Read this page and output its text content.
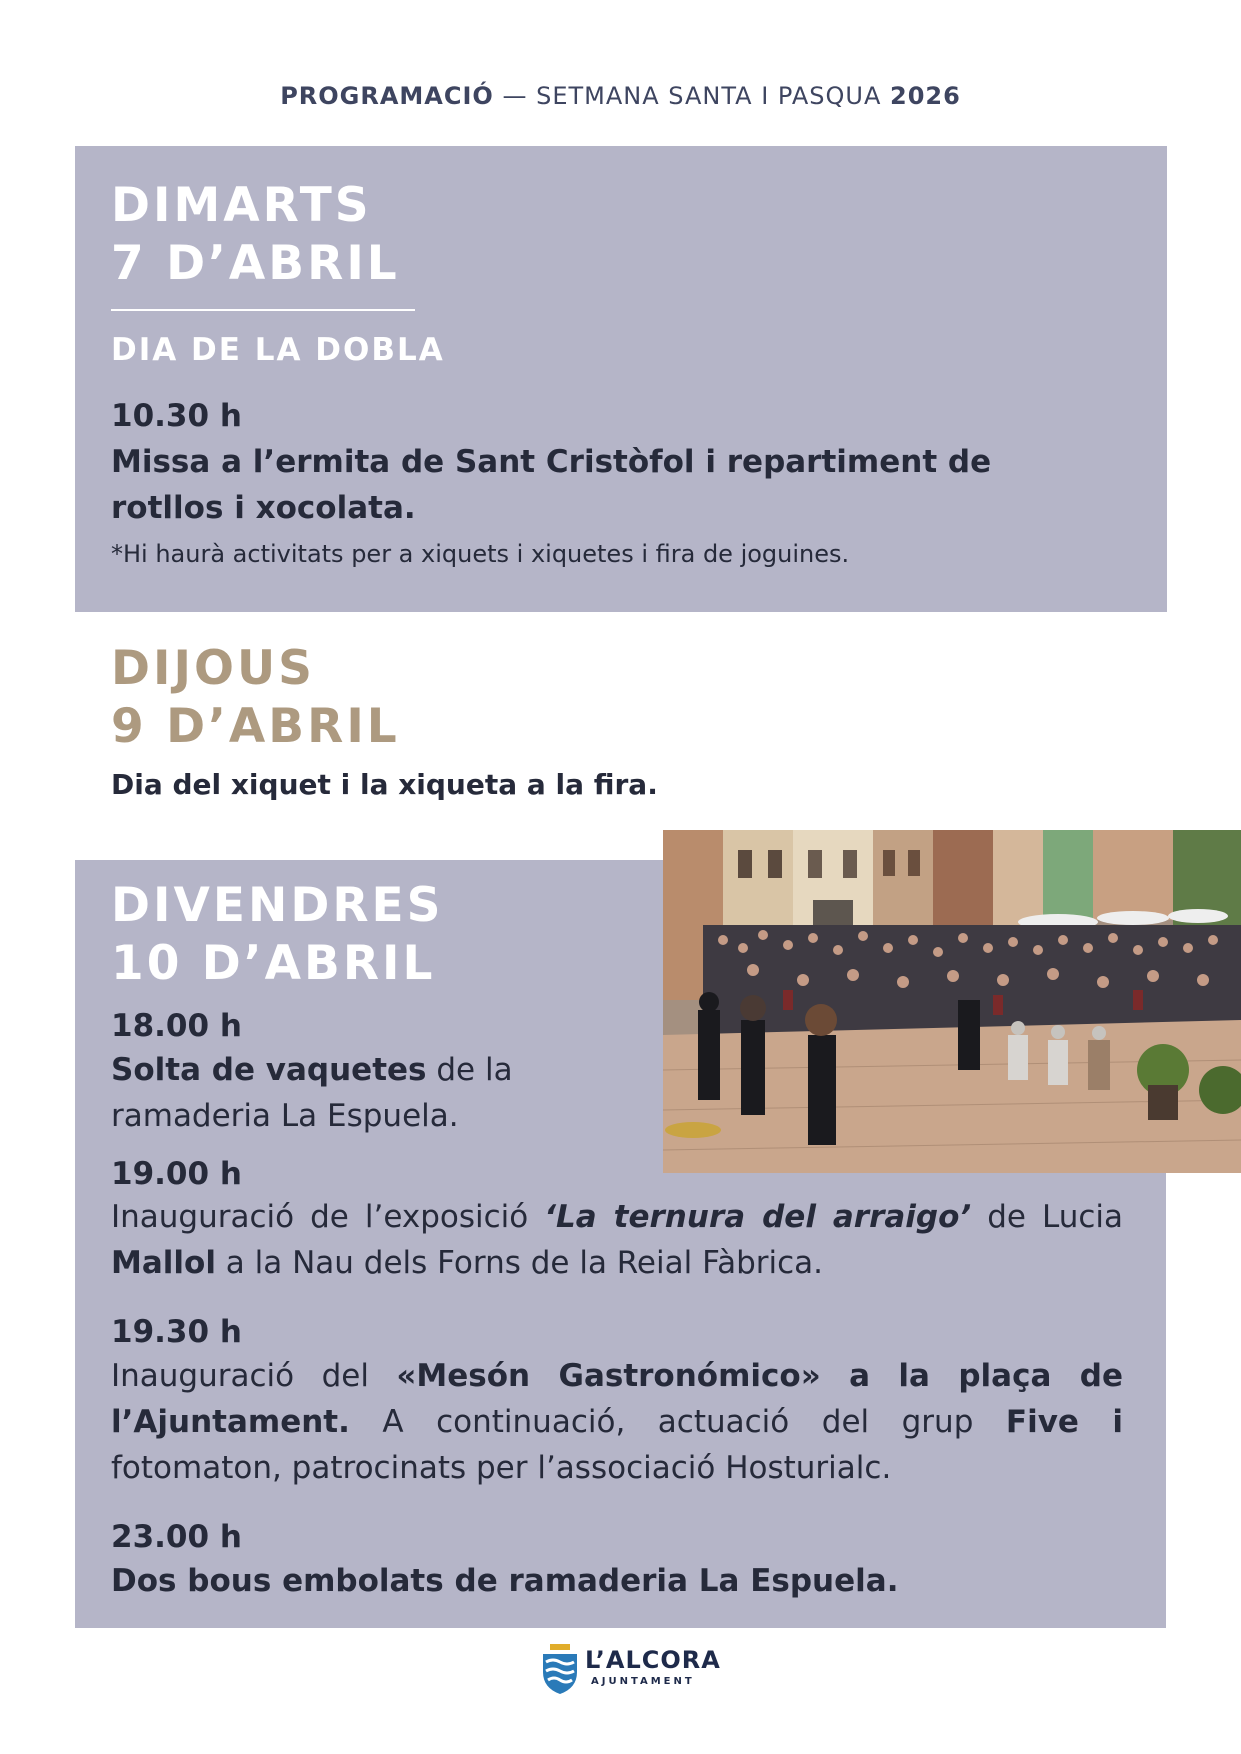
PROGRAMACIÓ — SETMANA SANTA I PASQUA 2026
DIMARTS
7 D’ABRIL
DIA DE LA DOBLA
10.30 h
Missa a l’ermita de Sant Cristòfol i repartiment de rotllos i xocolata.
*Hi haurà activitats per a xiquets i xiquetes i fira de joguines.
DIJOUS
9 D’ABRIL
Dia del xiquet i la xiqueta a la fira.
DIVENDRES
10 D’ABRIL
18.00 h
Solta de vaquetes de la
ramaderia La Espuela.
19.00 h
Inauguració de l’exposició ‘La ternura del arraigo’ de Lucia Mallol a la Nau dels Forns de la Reial Fàbrica.
19.30 h
Inauguració del «Mesón Gastronómico» a la plaça de l’Ajuntament. A continuació, actuació del grup Five i fotomaton, patrocinats per l’associació Hosturialc.
23.00 h
Dos bous embolats de ramaderia La Espuela.
L’ALCORA
AJUNTAMENT
